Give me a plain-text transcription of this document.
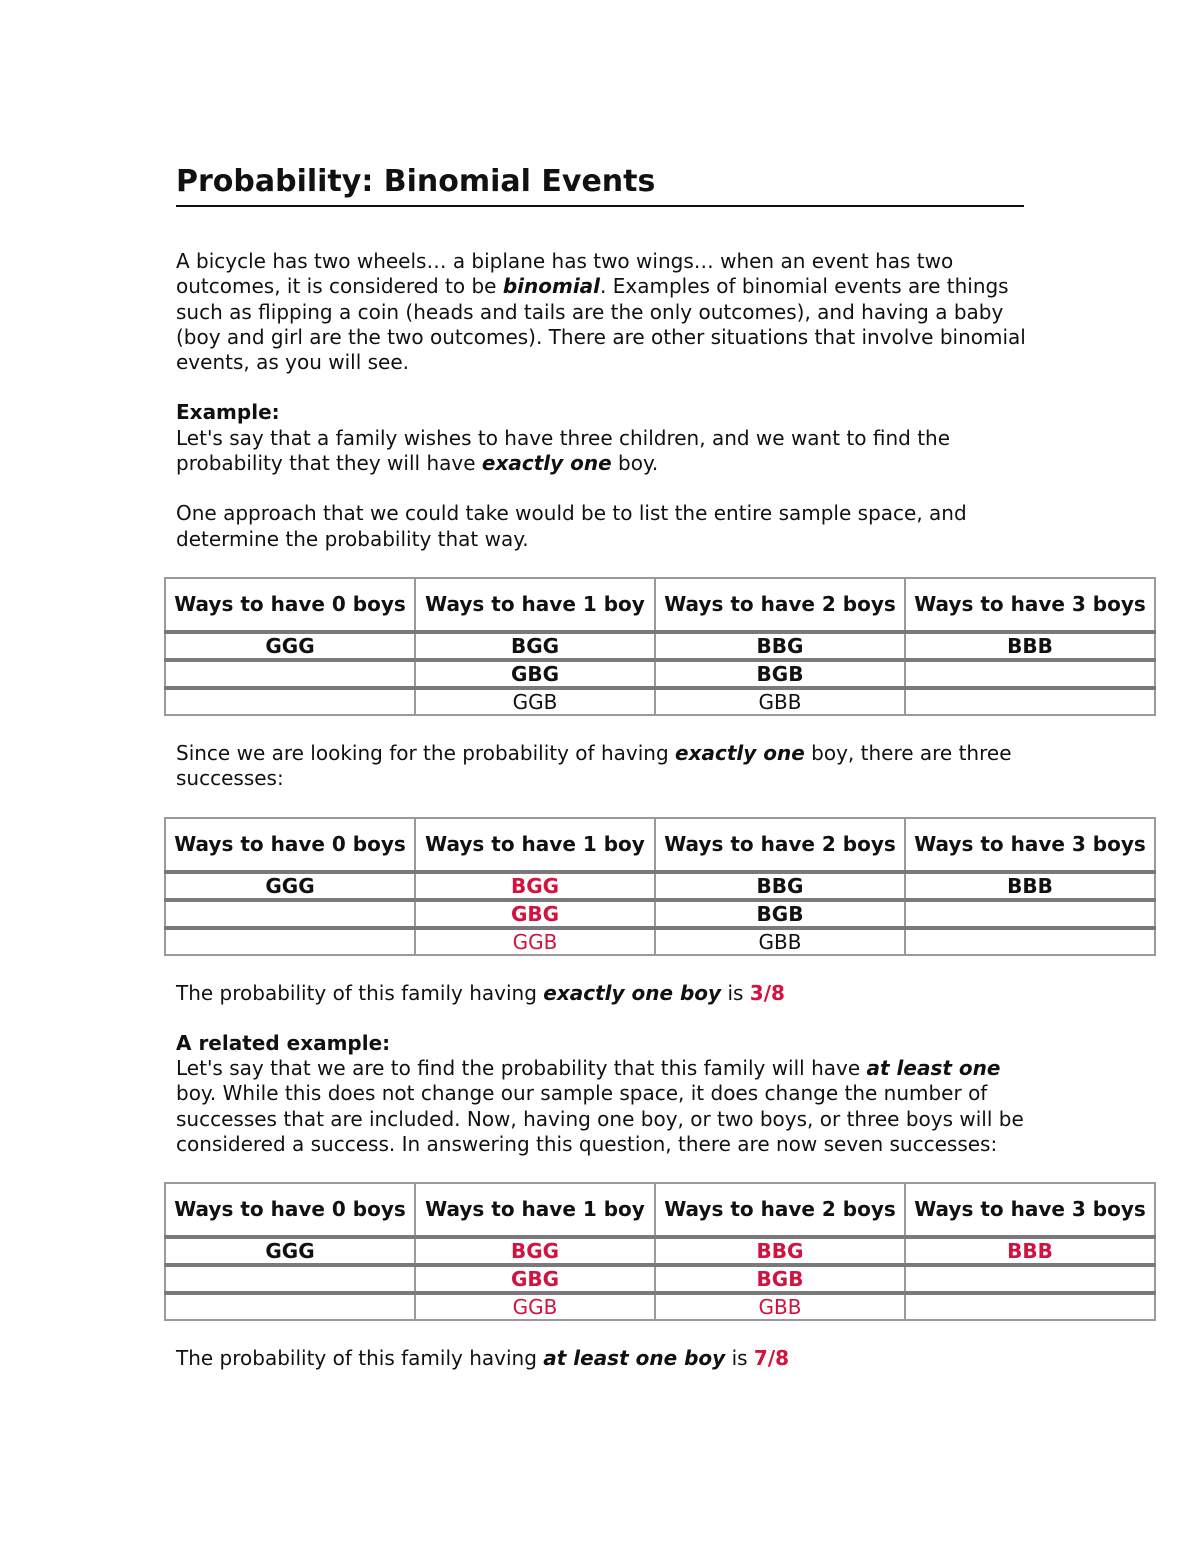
Probability: Binomial Events

A bicycle has two wheels… a biplane has two wings… when an event has two outcomes, it is considered to be binomial. Examples of binomial events are things such as flipping a coin (heads and tails are the only outcomes), and having a baby (boy and girl are the two outcomes). There are other situations that involve binomial events, as you will see.

Example:

Let's say that a family wishes to have three children, and we want to find the probability that they will have exactly one boy.

One approach that we could take would be to list the entire sample space, and determine the probability that way.

Ways to have 0 boys	Ways to have 1 boy	Ways to have 2 boys	Ways to have 3 boys
GGG	BGG	BBG	BBB
	GBG	BGB	
	GGB	GBB	

Since we are looking for the probability of having exactly one boy, there are three successes:

Ways to have 0 boys	Ways to have 1 boy	Ways to have 2 boys	Ways to have 3 boys
GGG	BGG	BBG	BBB
	GBG	BGB	
	GGB	GBB	

The probability of this family having exactly one boy is 3/8

A related example:

Let's say that we are to find the probability that this family will have at least one boy. While this does not change our sample space, it does change the number of successes that are included. Now, having one boy, or two boys, or three boys will be considered a success. In answering this question, there are now seven successes:

Ways to have 0 boys	Ways to have 1 boy	Ways to have 2 boys	Ways to have 3 boys
GGG	BGG	BBG	BBB
	GBG	BGB	
	GGB	GBB	

The probability of this family having at least one boy is 7/8
